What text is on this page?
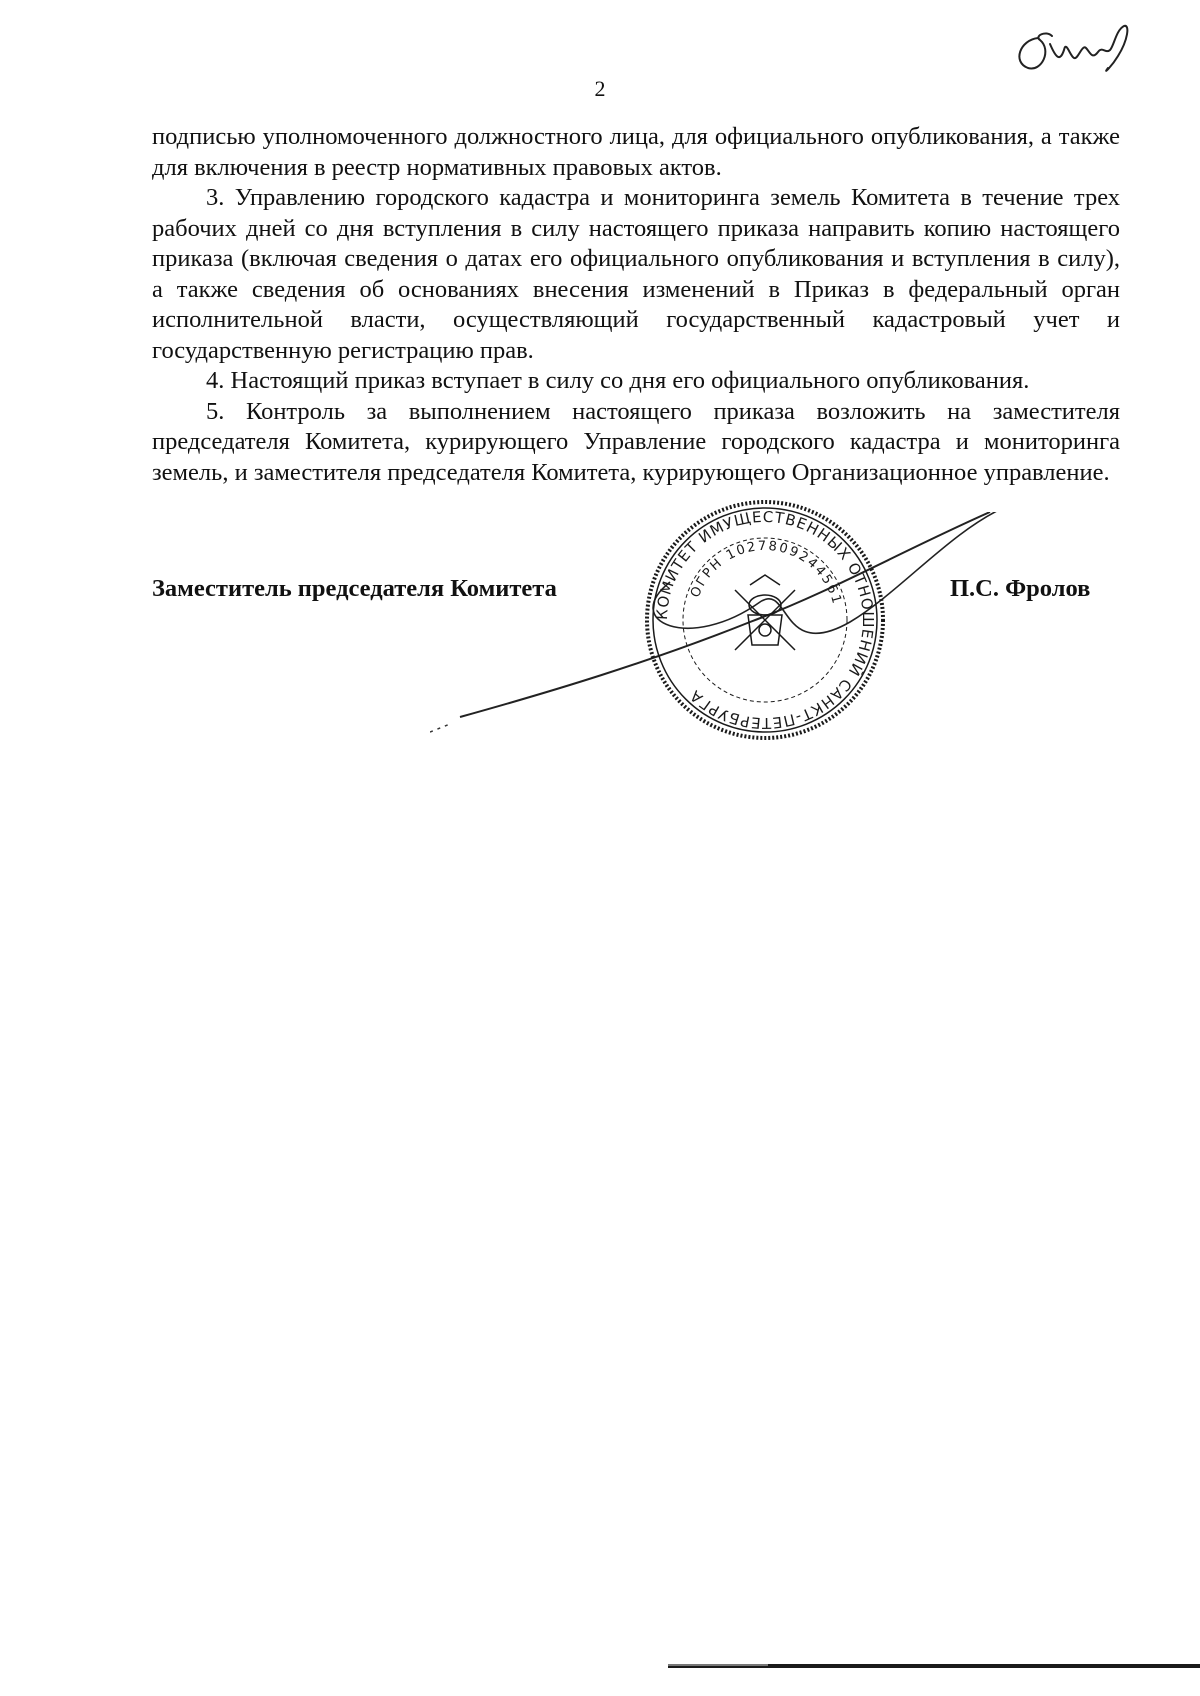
2

подписью уполномоченного должностного лица, для официального опубликования, а также для включения в реестр нормативных правовых актов.

3. Управлению городского кадастра и мониторинга земель Комитета в течение трех рабочих дней со дня вступления в силу настоящего приказа направить копию настоящего приказа (включая сведения о датах его официального опубликования и вступления в силу), а также сведения об основаниях внесения изменений в Приказ в федеральный орган исполнительной власти, осуществляющий государственный кадастровый учет и государственную регистрацию прав.

4. Настоящий приказ вступает в силу со дня его официального опубликования.

5. Контроль за выполнением настоящего приказа возложить на заместителя председателя Комитета, курирующего Управление городского кадастра и мониторинга земель, и заместителя председателя Комитета, курирующего Организационное управление.

КОМИТЕТ ИМУЩЕСТВЕННЫХ ОТНОШЕНИЙ САНКТ-ПЕТЕРБУРГА
ОГРН 1027809244561
Заместитель председателя Комитета	П.С. Фролов
